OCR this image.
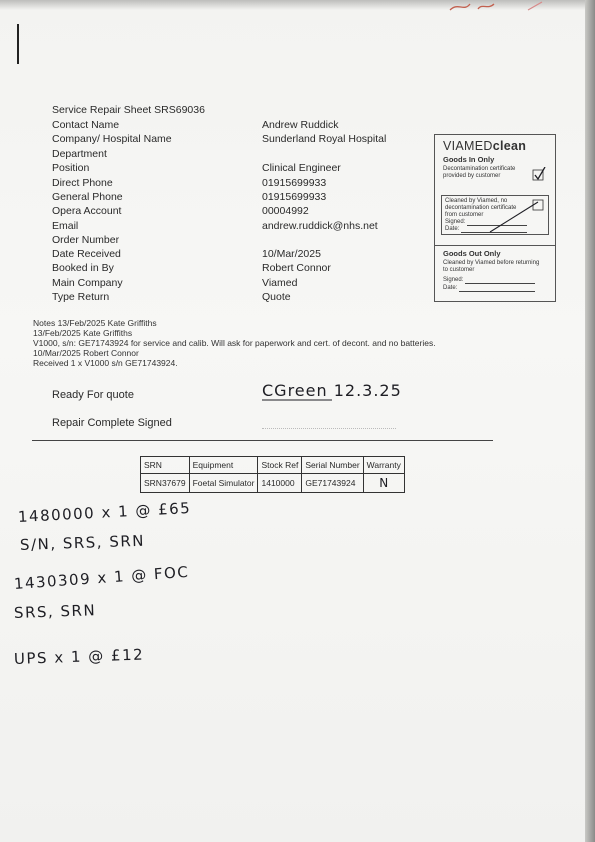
Service Repair Sheet SRS69036
Contact Name	Andrew Ruddick
Company/ Hospital Name	Sunderland Royal Hospital
Department
Position	Clinical Engineer
Direct Phone	01915699933
General Phone	01915699933
Opera Account	00004992
Email	andrew.ruddick@nhs.net
Order Number
Date Received	10/Mar/2025
Booked in By	Robert Connor
Main Company	Viamed
Type Return	Quote
VIAMEDclean
Goods In Only
Decontamination certificate provided by customer
Cleaned by Viamed, no decontamination certificate from customer
Signed:
Date:
Goods Out Only
Cleaned by Viamed before returning to customer
Signed:
Date:
Notes 13/Feb/2025 Kate Griffiths
13/Feb/2025 Kate Griffiths
V1000, s/n: GE71743924 for service and calib. Will ask for paperwork and cert. of decont. and no batteries.
10/Mar/2025 Robert Connor
Received 1 x V1000 s/n GE71743924.
Ready For quote	CGreen 12.3.25
Repair Complete Signed
SRN	Equipment	Stock Ref	Serial Number	Warranty
SRN37679	Foetal Simulator	1410000	GE71743924	N
1480000 x 1 @ £65
S/N, SRS, SRN
1430309 x 1 @ FOC
SRS, SRN
UPS x 1 @ £12
